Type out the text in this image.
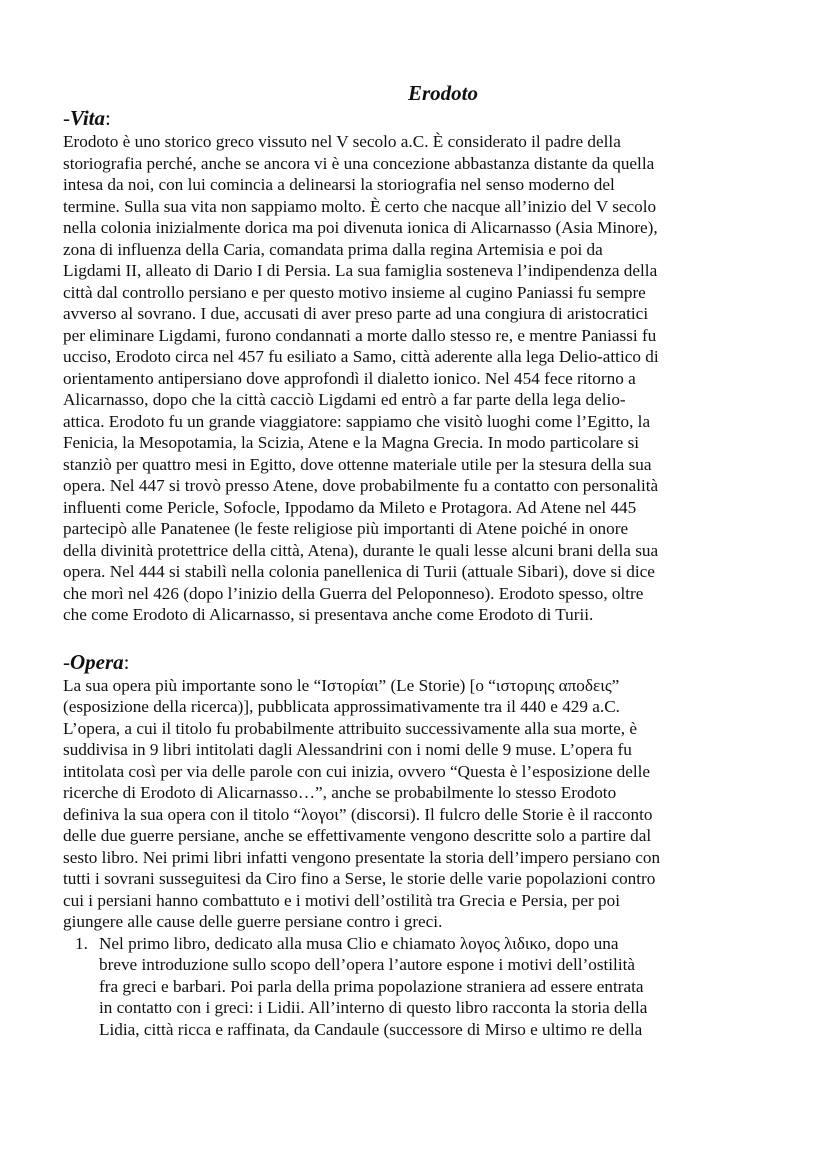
Erodoto
-Vita:
Erodoto è uno storico greco vissuto nel V secolo a.C. È considerato il padre della
storiografia perché, anche se ancora vi è una concezione abbastanza distante da quella
intesa da noi, con lui comincia a delinearsi la storiografia nel senso moderno del
termine. Sulla sua vita non sappiamo molto. È certo che nacque all’inizio del V secolo
nella colonia inizialmente dorica ma poi divenuta ionica di Alicarnasso (Asia Minore),
zona di influenza della Caria, comandata prima dalla regina Artemisia e poi da
Ligdami II, alleato di Dario I di Persia. La sua famiglia sosteneva l’indipendenza della
città dal controllo persiano e per questo motivo insieme al cugino Paniassi fu sempre
avverso al sovrano. I due, accusati di aver preso parte ad una congiura di aristocratici
per eliminare Ligdami, furono condannati a morte dallo stesso re, e mentre Paniassi fu
ucciso, Erodoto circa nel 457 fu esiliato a Samo, città aderente alla lega Delio-attico di
orientamento antipersiano dove approfondì il dialetto ionico. Nel 454 fece ritorno a
Alicarnasso, dopo che la città cacciò Ligdami ed entrò a far parte della lega delio-
attica. Erodoto fu un grande viaggiatore: sappiamo che visitò luoghi come l’Egitto, la
Fenicia, la Mesopotamia, la Scizia, Atene e la Magna Grecia. In modo particolare si
stanziò per quattro mesi in Egitto, dove ottenne materiale utile per la stesura della sua
opera. Nel 447 si trovò presso Atene, dove probabilmente fu a contatto con personalità
influenti come Pericle, Sofocle, Ippodamo da Mileto e Protagora. Ad Atene nel 445
partecipò alle Panatenee (le feste religiose più importanti di Atene poiché in onore
della divinità protettrice della città, Atena), durante le quali lesse alcuni brani della sua
opera. Nel 444 si stabilì nella colonia panellenica di Turii (attuale Sibari), dove si dice
che morì nel 426 (dopo l’inizio della Guerra del Peloponneso). Erodoto spesso, oltre
che come Erodoto di Alicarnasso, si presentava anche come Erodoto di Turii.
-Opera:
La sua opera più importante sono le “Ιστορίαι” (Le Storie) [ο “ιστοριης αποδεις”
(esposizione della ricerca)], pubblicata approssimativamente tra il 440 e 429 a.C.
L’opera, a cui il titolo fu probabilmente attribuito successivamente alla sua morte, è
suddivisa in 9 libri intitolati dagli Alessandrini con i nomi delle 9 muse. L’opera fu
intitolata così per via delle parole con cui inizia, ovvero “Questa è l’esposizione delle
ricerche di Erodoto di Alicarnasso…”, anche se probabilmente lo stesso Erodoto
definiva la sua opera con il titolo “λογοι” (discorsi). Il fulcro delle Storie è il racconto
delle due guerre persiane, anche se effettivamente vengono descritte solo a partire dal
sesto libro. Nei primi libri infatti vengono presentate la storia dell’impero persiano con
tutti i sovrani susseguitesi da Ciro fino a Serse, le storie delle varie popolazioni contro
cui i persiani hanno combattuto e i motivi dell’ostilità tra Grecia e Persia, per poi
giungere alle cause delle guerre persiane contro i greci.
1. Nel primo libro, dedicato alla musa Clio e chiamato λογος λιδικο, dopo una
breve introduzione sullo scopo dell’opera l’autore espone i motivi dell’ostilità
fra greci e barbari. Poi parla della prima popolazione straniera ad essere entrata
in contatto con i greci: i Lidii. All’interno di questo libro racconta la storia della
Lidia, città ricca e raffinata, da Candaule (successore di Mirso e ultimo re della
